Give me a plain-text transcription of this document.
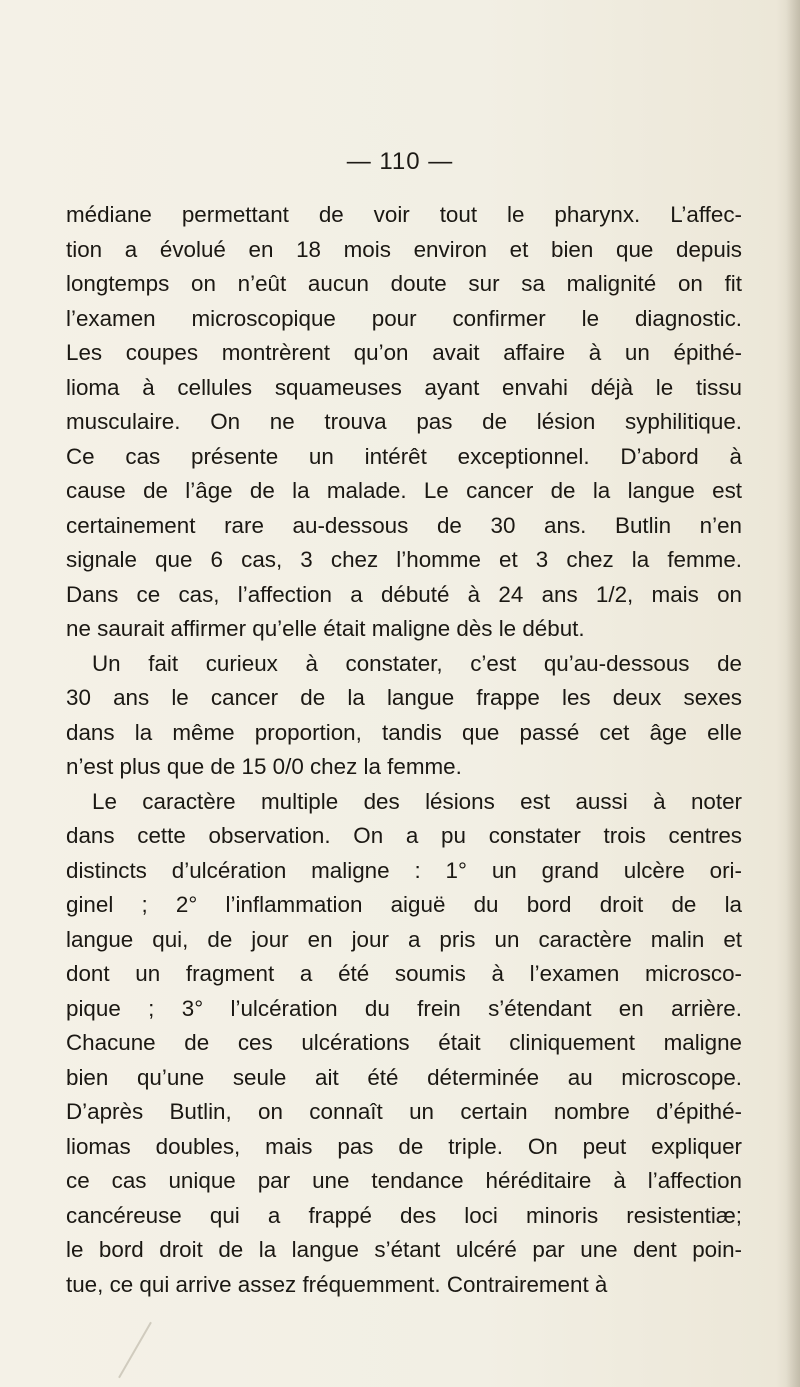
— 110 —
médiane permettant de voir tout le pharynx. L’affec-
tion a évolué en 18 mois environ et bien que depuis
longtemps on n’eût aucun doute sur sa malignité on fit
l’examen microscopique pour confirmer le diagnostic.
Les coupes montrèrent qu’on avait affaire à un épithé-
lioma à cellules squameuses ayant envahi déjà le tissu
musculaire. On ne trouva pas de lésion syphilitique.
Ce cas présente un intérêt exceptionnel. D’abord à
cause de l’âge de la malade. Le cancer de la langue est
certainement rare au-dessous de 30 ans. Butlin n’en
signale que 6 cas, 3 chez l’homme et 3 chez la femme.
Dans ce cas, l’affection a débuté à 24 ans 1/2, mais on
ne saurait affirmer qu’elle était maligne dès le début.
Un fait curieux à constater, c’est qu’au-dessous de
30 ans le cancer de la langue frappe les deux sexes
dans la même proportion, tandis que passé cet âge elle
n’est plus que de 15 0/0 chez la femme.
Le caractère multiple des lésions est aussi à noter
dans cette observation. On a pu constater trois centres
distincts d’ulcération maligne : 1° un grand ulcère ori-
ginel ; 2° l’inflammation aiguë du bord droit de la
langue qui, de jour en jour a pris un caractère malin et
dont un fragment a été soumis à l’examen microsco-
pique ; 3° l’ulcération du frein s’étendant en arrière.
Chacune de ces ulcérations était cliniquement maligne
bien qu’une seule ait été déterminée au microscope.
D’après Butlin, on connaît un certain nombre d’épithé-
liomas doubles, mais pas de triple. On peut expliquer
ce cas unique par une tendance héréditaire à l’affection
cancéreuse qui a frappé des loci minoris resistentiæ;
le bord droit de la langue s’étant ulcéré par une dent poin-
tue, ce qui arrive assez fréquemment. Contrairement à
